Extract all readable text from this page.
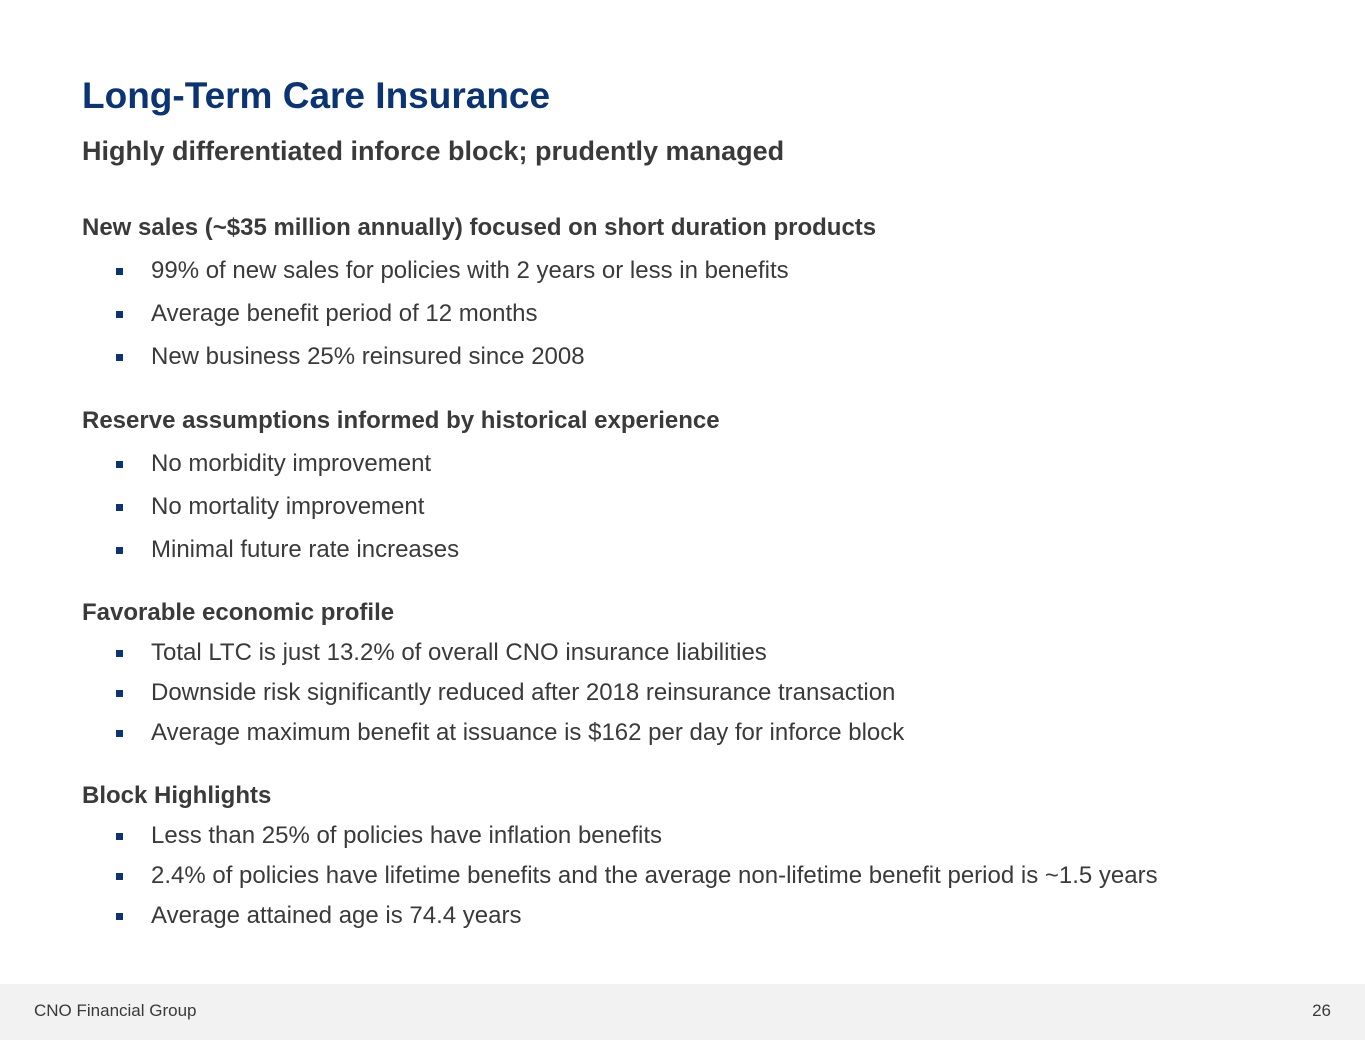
Long-Term Care Insurance
Highly differentiated inforce block; prudently managed

New sales (~$35 million annually) focused on short duration products

99% of new sales for policies with 2 years or less in benefits
Average benefit period of 12 months
New business 25% reinsured since 2008

Reserve assumptions informed by historical experience

No morbidity improvement
No mortality improvement
Minimal future rate increases

Favorable economic profile

Total LTC is just 13.2% of overall CNO insurance liabilities
Downside risk significantly reduced after 2018 reinsurance transaction
Average maximum benefit at issuance is $162 per day for inforce block

Block Highlights

Less than 25% of policies have inflation benefits
2.4% of policies have lifetime benefits and the average non-lifetime benefit period is ~1.5 years
Average attained age is 74.4 years
CNO Financial Group	26
